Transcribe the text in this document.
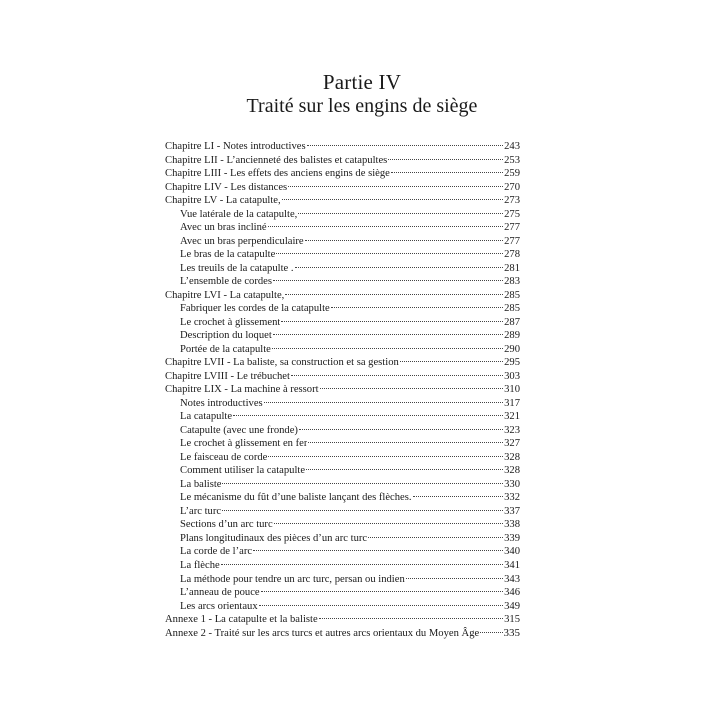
Partie IV
Traité sur les engins de siège
Chapitre LI - Notes introductives	243
Chapitre LII - L’ancienneté des balistes et catapultes	253
Chapitre LIII - Les effets des anciens engins de siège	259
Chapitre LIV - Les distances	270
Chapitre LV - La catapulte,	273
Vue latérale de la catapulte,	275
Avec un bras incliné	277
Avec un bras perpendiculaire	277
Le bras de la catapulte	278
Les treuils de la catapulte .	281
L’ensemble de cordes	283
Chapitre LVI - La catapulte,	285
Fabriquer les cordes de la catapulte	285
Le crochet à glissement	287
Description du loquet	289
Portée de la catapulte	290
Chapitre LVII - La baliste, sa construction et sa gestion	295
Chapitre LVIII - Le trébuchet	303
Chapitre LIX - La machine à ressort	310
Notes introductives	317
La catapulte	321
Catapulte (avec une fronde)	323
Le crochet à glissement en fer	327
Le faisceau de corde	328
Comment utiliser la catapulte	328
La baliste	330
Le mécanisme du fût d’une baliste lançant des flèches.	332
L’arc turc	337
Sections d’un arc turc	338
Plans longitudinaux des pièces d’un arc turc	339
La corde de l’arc	340
La flèche	341
La méthode pour tendre un arc turc, persan ou indien	343
L’anneau de pouce	346
Les arcs orientaux	349
Annexe 1 - La catapulte et la baliste	315
Annexe 2 - Traité sur les arcs turcs et autres arcs orientaux du Moyen Âge 335
